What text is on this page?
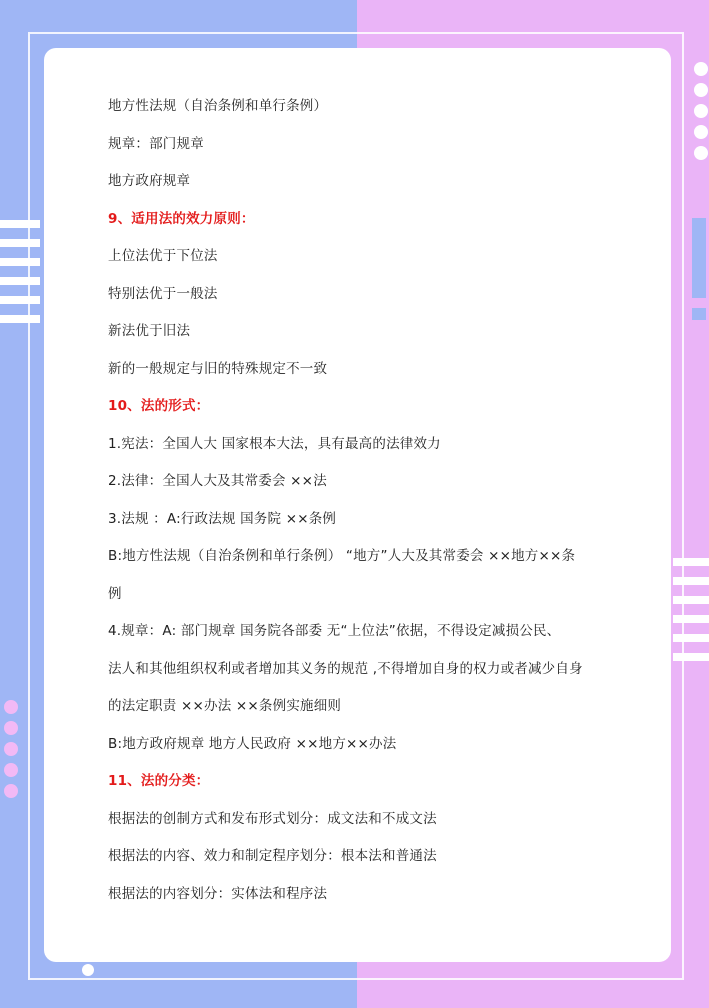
地方性法规（自治条例和单行条例）
规章：部门规章
地方政府规章
9、适用法的效力原则：
上位法优于下位法
特别法优于一般法
新法优于旧法
新的一般规定与旧的特殊规定不一致
10、法的形式：
1.宪法：全国人大 国家根本大法，具有最高的法律效力
2.法律：全国人大及其常委会 ××法
3.法规 ：A:行政法规 国务院 ××条例
B:地方性法规（自治条例和单行条例） “地方”人大及其常委会 ××地方××条
例
4.规章：A: 部门规章 国务院各部委 无“上位法”依据，不得设定减损公民、
法人和其他组织权利或者增加其义务的规范 ,不得增加自身的权力或者减少自身
的法定职责 ××办法 ××条例实施细则
B:地方政府规章 地方人民政府 ××地方××办法
11、法的分类：
根据法的创制方式和发布形式划分：成文法和不成文法
根据法的内容、效力和制定程序划分：根本法和普通法
根据法的内容划分：实体法和程序法
